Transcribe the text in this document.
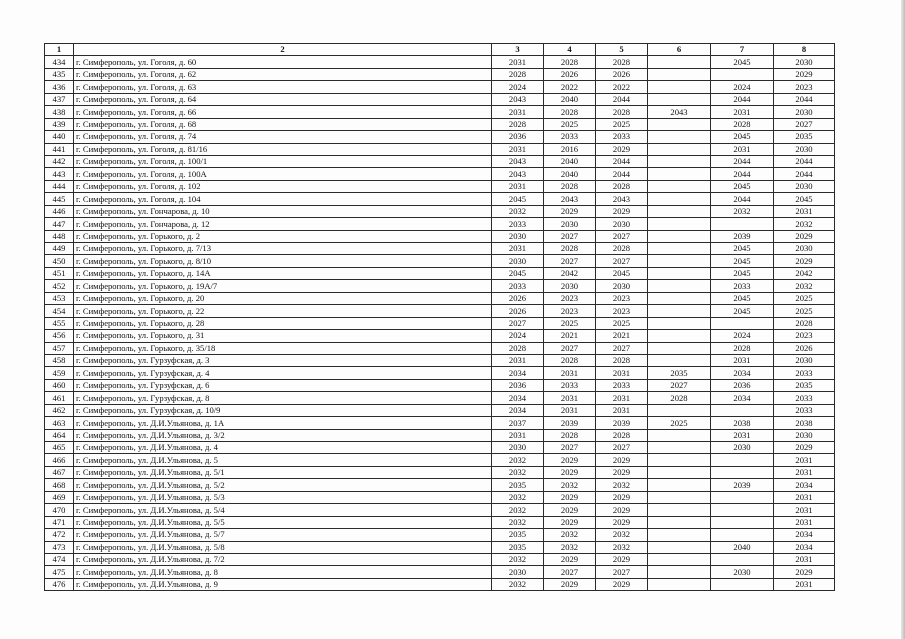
1	2	3	4	5	6	7	8
434	г. Симферополь, ул. Гоголя, д. 60	2031	2028	2028		2045	2030
435	г. Симферополь, ул. Гоголя, д. 62	2028	2026	2026			2029
436	г. Симферополь, ул. Гоголя, д. 63	2024	2022	2022		2024	2023
437	г. Симферополь, ул. Гоголя, д. 64	2043	2040	2044		2044	2044
438	г. Симферополь, ул. Гоголя, д. 66	2031	2028	2028	2043	2031	2030
439	г. Симферополь, ул. Гоголя, д. 68	2028	2025	2025		2028	2027
440	г. Симферополь, ул. Гоголя, д. 74	2036	2033	2033		2045	2035
441	г. Симферополь, ул. Гоголя, д. 81/16	2031	2016	2029		2031	2030
442	г. Симферополь, ул. Гоголя, д. 100/1	2043	2040	2044		2044	2044
443	г. Симферополь, ул. Гоголя, д. 100А	2043	2040	2044		2044	2044
444	г. Симферополь, ул. Гоголя, д. 102	2031	2028	2028		2045	2030
445	г. Симферополь, ул. Гоголя, д. 104	2045	2043	2043		2044	2045
446	г. Симферополь, ул. Гончарова, д. 10	2032	2029	2029		2032	2031
447	г. Симферополь, ул. Гончарова, д. 12	2033	2030	2030			2032
448	г. Симферополь, ул. Горького, д. 2	2030	2027	2027		2039	2029
449	г. Симферополь, ул. Горького, д. 7/13	2031	2028	2028		2045	2030
450	г. Симферополь, ул. Горького, д. 8/10	2030	2027	2027		2045	2029
451	г. Симферополь, ул. Горького, д. 14А	2045	2042	2045		2045	2042
452	г. Симферополь, ул. Горького, д. 19А/7	2033	2030	2030		2033	2032
453	г. Симферополь, ул. Горького, д. 20	2026	2023	2023		2045	2025
454	г. Симферополь, ул. Горького, д. 22	2026	2023	2023		2045	2025
455	г. Симферополь, ул. Горького, д. 28	2027	2025	2025			2028
456	г. Симферополь, ул. Горького, д. 31	2024	2021	2021		2024	2023
457	г. Симферополь, ул. Горького, д. 35/18	2028	2027	2027		2028	2026
458	г. Симферополь, ул. Гурзуфская, д. 3	2031	2028	2028		2031	2030
459	г. Симферополь, ул. Гурзуфская, д. 4	2034	2031	2031	2035	2034	2033
460	г. Симферополь, ул. Гурзуфская, д. 6	2036	2033	2033	2027	2036	2035
461	г. Симферополь, ул. Гурзуфская, д. 8	2034	2031	2031	2028	2034	2033
462	г. Симферополь, ул. Гурзуфская, д. 10/9	2034	2031	2031			2033
463	г. Симферополь, ул. Д.И.Ульянова, д. 1А	2037	2039	2039	2025	2038	2038
464	г. Симферополь, ул. Д.И.Ульянова, д. 3/2	2031	2028	2028		2031	2030
465	г. Симферополь, ул. Д.И.Ульянова, д. 4	2030	2027	2027		2030	2029
466	г. Симферополь, ул. Д.И.Ульянова, д. 5	2032	2029	2029			2031
467	г. Симферополь, ул. Д.И.Ульянова, д. 5/1	2032	2029	2029			2031
468	г. Симферополь, ул. Д.И.Ульянова, д. 5/2	2035	2032	2032		2039	2034
469	г. Симферополь, ул. Д.И.Ульянова, д. 5/3	2032	2029	2029			2031
470	г. Симферополь, ул. Д.И.Ульянова, д. 5/4	2032	2029	2029			2031
471	г. Симферополь, ул. Д.И.Ульянова, д. 5/5	2032	2029	2029			2031
472	г. Симферополь, ул. Д.И.Ульянова, д. 5/7	2035	2032	2032			2034
473	г. Симферополь, ул. Д.И.Ульянова, д. 5/8	2035	2032	2032		2040	2034
474	г. Симферополь, ул. Д.И.Ульянова, д. 7/2	2032	2029	2029			2031
475	г. Симферополь, ул. Д.И.Ульянова, д. 8	2030	2027	2027		2030	2029
476	г. Симферополь, ул. Д.И.Ульянова, д. 9	2032	2029	2029			2031
